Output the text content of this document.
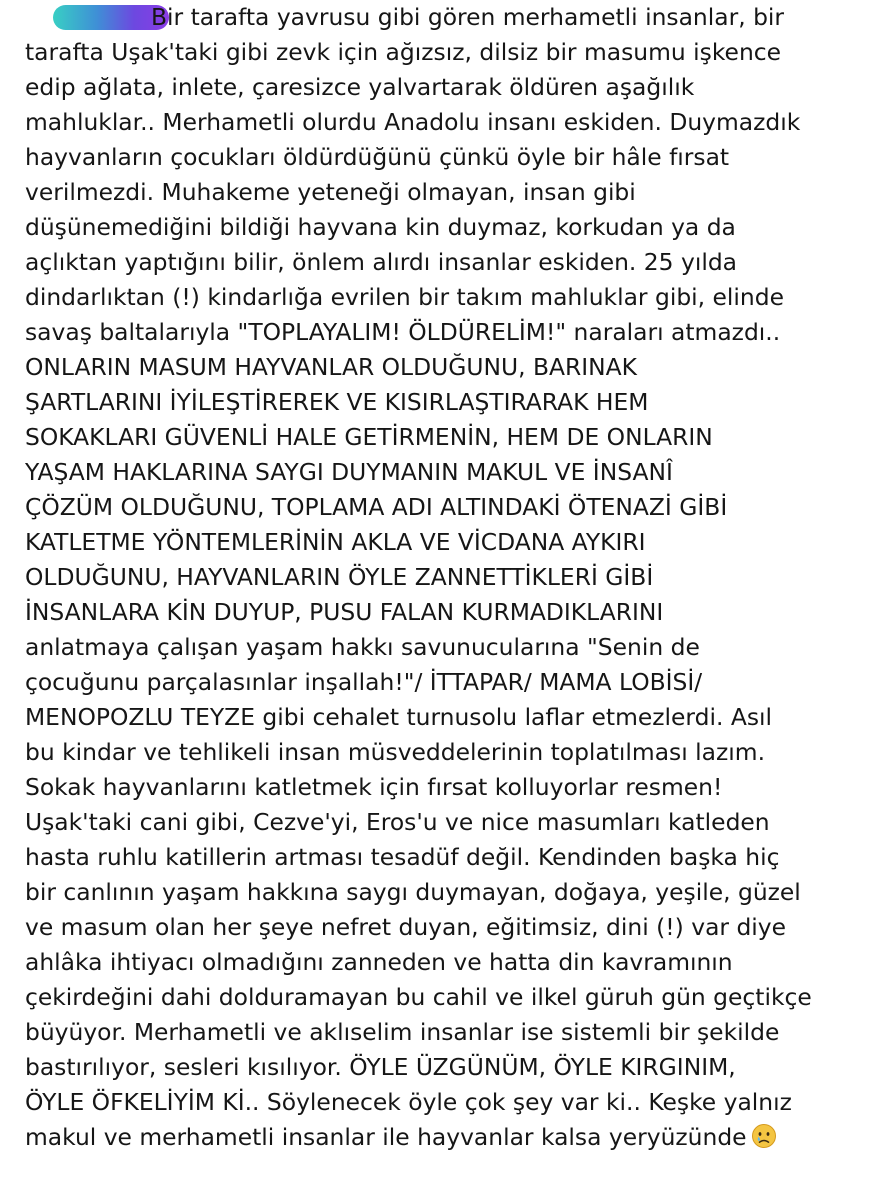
Bir tarafta yavrusu gibi gören merhametli insanlar, bir
tarafta Uşak'taki gibi zevk için ağızsız, dilsiz bir masumu işkence
edip ağlata, inlete, çaresizce yalvartarak öldüren aşağılık
mahluklar.. Merhametli olurdu Anadolu insanı eskiden. Duymazdık
hayvanların çocukları öldürdüğünü çünkü öyle bir hâle fırsat
verilmezdi. Muhakeme yeteneği olmayan, insan gibi
düşünemediğini bildiği hayvana kin duymaz, korkudan ya da
açlıktan yaptığını bilir, önlem alırdı insanlar eskiden. 25 yılda
dindarlıktan (!) kindarlığa evrilen bir takım mahluklar gibi, elinde
savaş baltalarıyla "TOPLAYALIM! ÖLDÜRELİM!" naraları atmazdı..
ONLARIN MASUM HAYVANLAR OLDUĞUNU, BARINAK
ŞARTLARINI İYİLEŞTİREREK VE KISIRLAŞTIRARAK HEM
SOKAKLARI GÜVENLİ HALE GETİRMENİN, HEM DE ONLARIN
YAŞAM HAKLARINA SAYGI DUYMANIN MAKUL VE İNSANÎ
ÇÖZÜM OLDUĞUNU, TOPLAMA ADI ALTINDAKİ ÖTENAZİ GİBİ
KATLETME YÖNTEMLERİNİN AKLA VE VİCDANA AYKIRI
OLDUĞUNU, HAYVANLARIN ÖYLE ZANNETTİKLERİ GİBİ
İNSANLARA KİN DUYUP, PUSU FALAN KURMADIKLARINI
anlatmaya çalışan yaşam hakkı savunucularına "Senin de
çocuğunu parçalasınlar inşallah!"/ İTTAPAR/ MAMA LOBİSİ/
MENOPOZLU TEYZE gibi cehalet turnusolu laflar etmezlerdi. Asıl
bu kindar ve tehlikeli insan müsveddelerinin toplatılması lazım.
Sokak hayvanlarını katletmek için fırsat kolluyorlar resmen!
Uşak'taki cani gibi, Cezve'yi, Eros'u ve nice masumları katleden
hasta ruhlu katillerin artması tesadüf değil. Kendinden başka hiç
bir canlının yaşam hakkına saygı duymayan, doğaya, yeşile, güzel
ve masum olan her şeye nefret duyan, eğitimsiz, dini (!) var diye
ahlâka ihtiyacı olmadığını zanneden ve hatta din kavramının
çekirdeğini dahi dolduramayan bu cahil ve ilkel güruh gün geçtikçe
büyüyor. Merhametli ve aklıselim insanlar ise sistemli bir şekilde
bastırılıyor, sesleri kısılıyor. ÖYLE ÜZGÜNÜM, ÖYLE KIRGINIM,
ÖYLE ÖFKELİYİM Kİ.. Söylenecek öyle çok şey var ki.. Keşke yalnız
makul ve merhametli insanlar ile hayvanlar kalsa yeryüzünde
